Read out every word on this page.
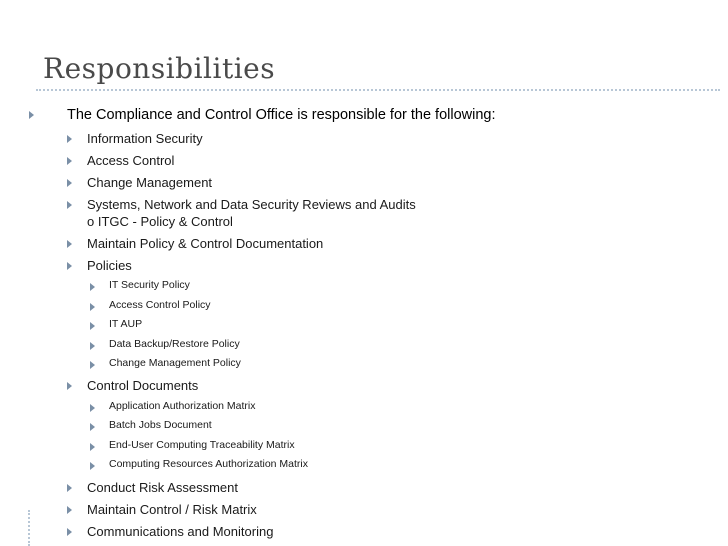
Responsibilities
The Compliance and Control Office is responsible for the following:
Information Security
Access Control
Change Management
Systems, Network and Data Security Reviews and Audits
o ITGC - Policy & Control
Maintain Policy & Control Documentation
Policies
IT Security Policy
Access Control Policy
IT AUP
Data Backup/Restore Policy
Change Management Policy
Control Documents
Application Authorization Matrix
Batch Jobs Document
End-User Computing Traceability Matrix
Computing Resources Authorization Matrix
Conduct Risk Assessment
Maintain Control / Risk Matrix
Communications and Monitoring
